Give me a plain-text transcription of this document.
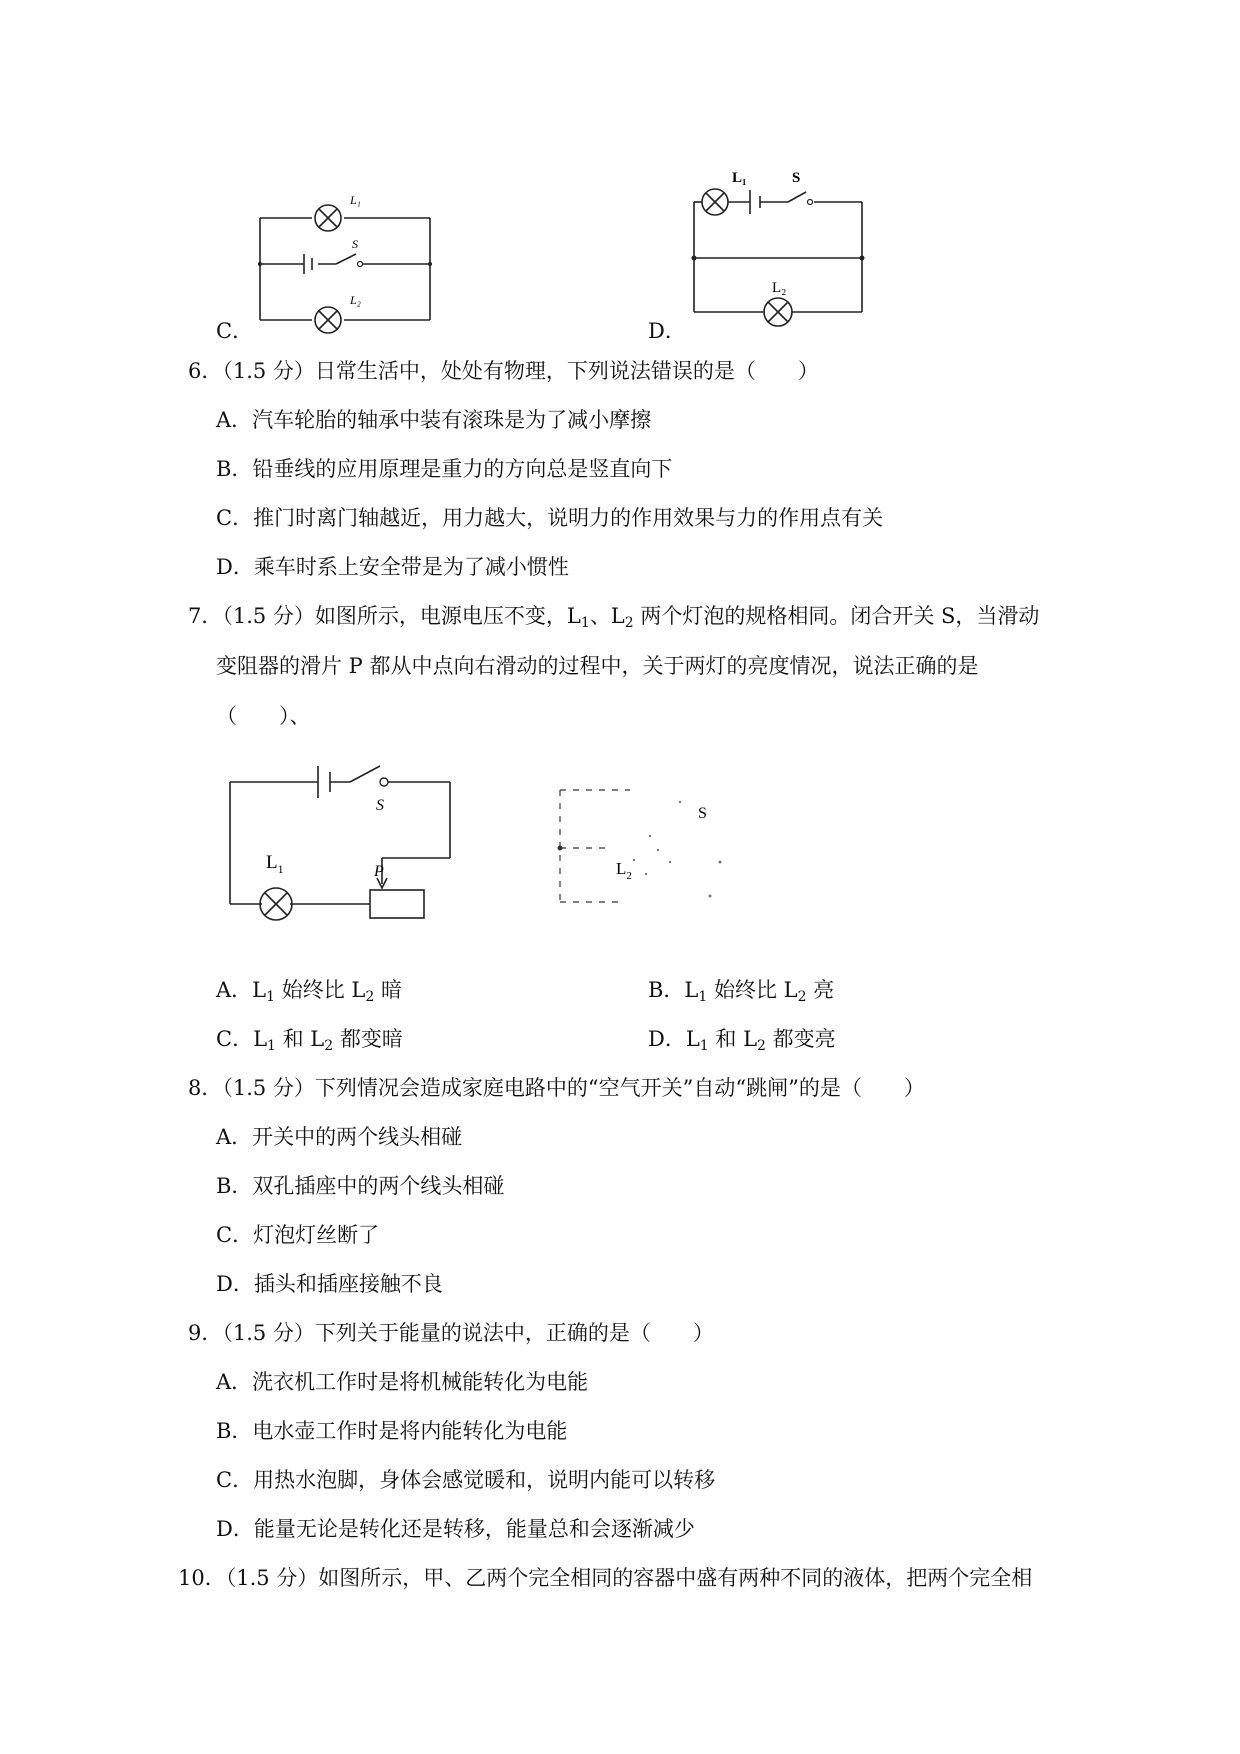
C．
L₁
S
L₂
D．
L₁	S
L₂
6．（1.5 分）日常生活中，处处有物理，下列说法错误的是（　　）
A．汽车轮胎的轴承中装有滚珠是为了减小摩擦
B．铅垂线的应用原理是重力的方向总是竖直向下
C．推门时离门轴越近，用力越大，说明力的作用效果与力的作用点有关
D．乘车时系上安全带是为了减小惯性
7．（1.5 分）如图所示，电源电压不变，$L_1$、$L_2$ 两个灯泡的规格相同。闭合开关 S，当滑动
变阻器的滑片 P 都从中点向右滑动的过程中，关于两灯的亮度情况，说法正确的是
（　　）、
S
$L_1$	P
S
$L_2$
A．$L_1$ 始终比 $L_2$ 暗	B．$L_1$ 始终比 $L_2$ 亮
C．$L_1$ 和 $L_2$ 都变暗	D．$L_1$ 和 $L_2$ 都变亮
8．（1.5 分）下列情况会造成家庭电路中的“空气开关”自动“跳闸”的是（　　）
A．开关中的两个线头相碰
B．双孔插座中的两个线头相碰
C．灯泡灯丝断了
D．插头和插座接触不良
9．（1.5 分）下列关于能量的说法中，正确的是（　　）
A．洗衣机工作时是将机械能转化为电能
B．电水壶工作时是将内能转化为电能
C．用热水泡脚，身体会感觉暖和，说明内能可以转移
D．能量无论是转化还是转移，能量总和会逐渐减少
10．（1.5 分）如图所示，甲、乙两个完全相同的容器中盛有两种不同的液体，把两个完全相
